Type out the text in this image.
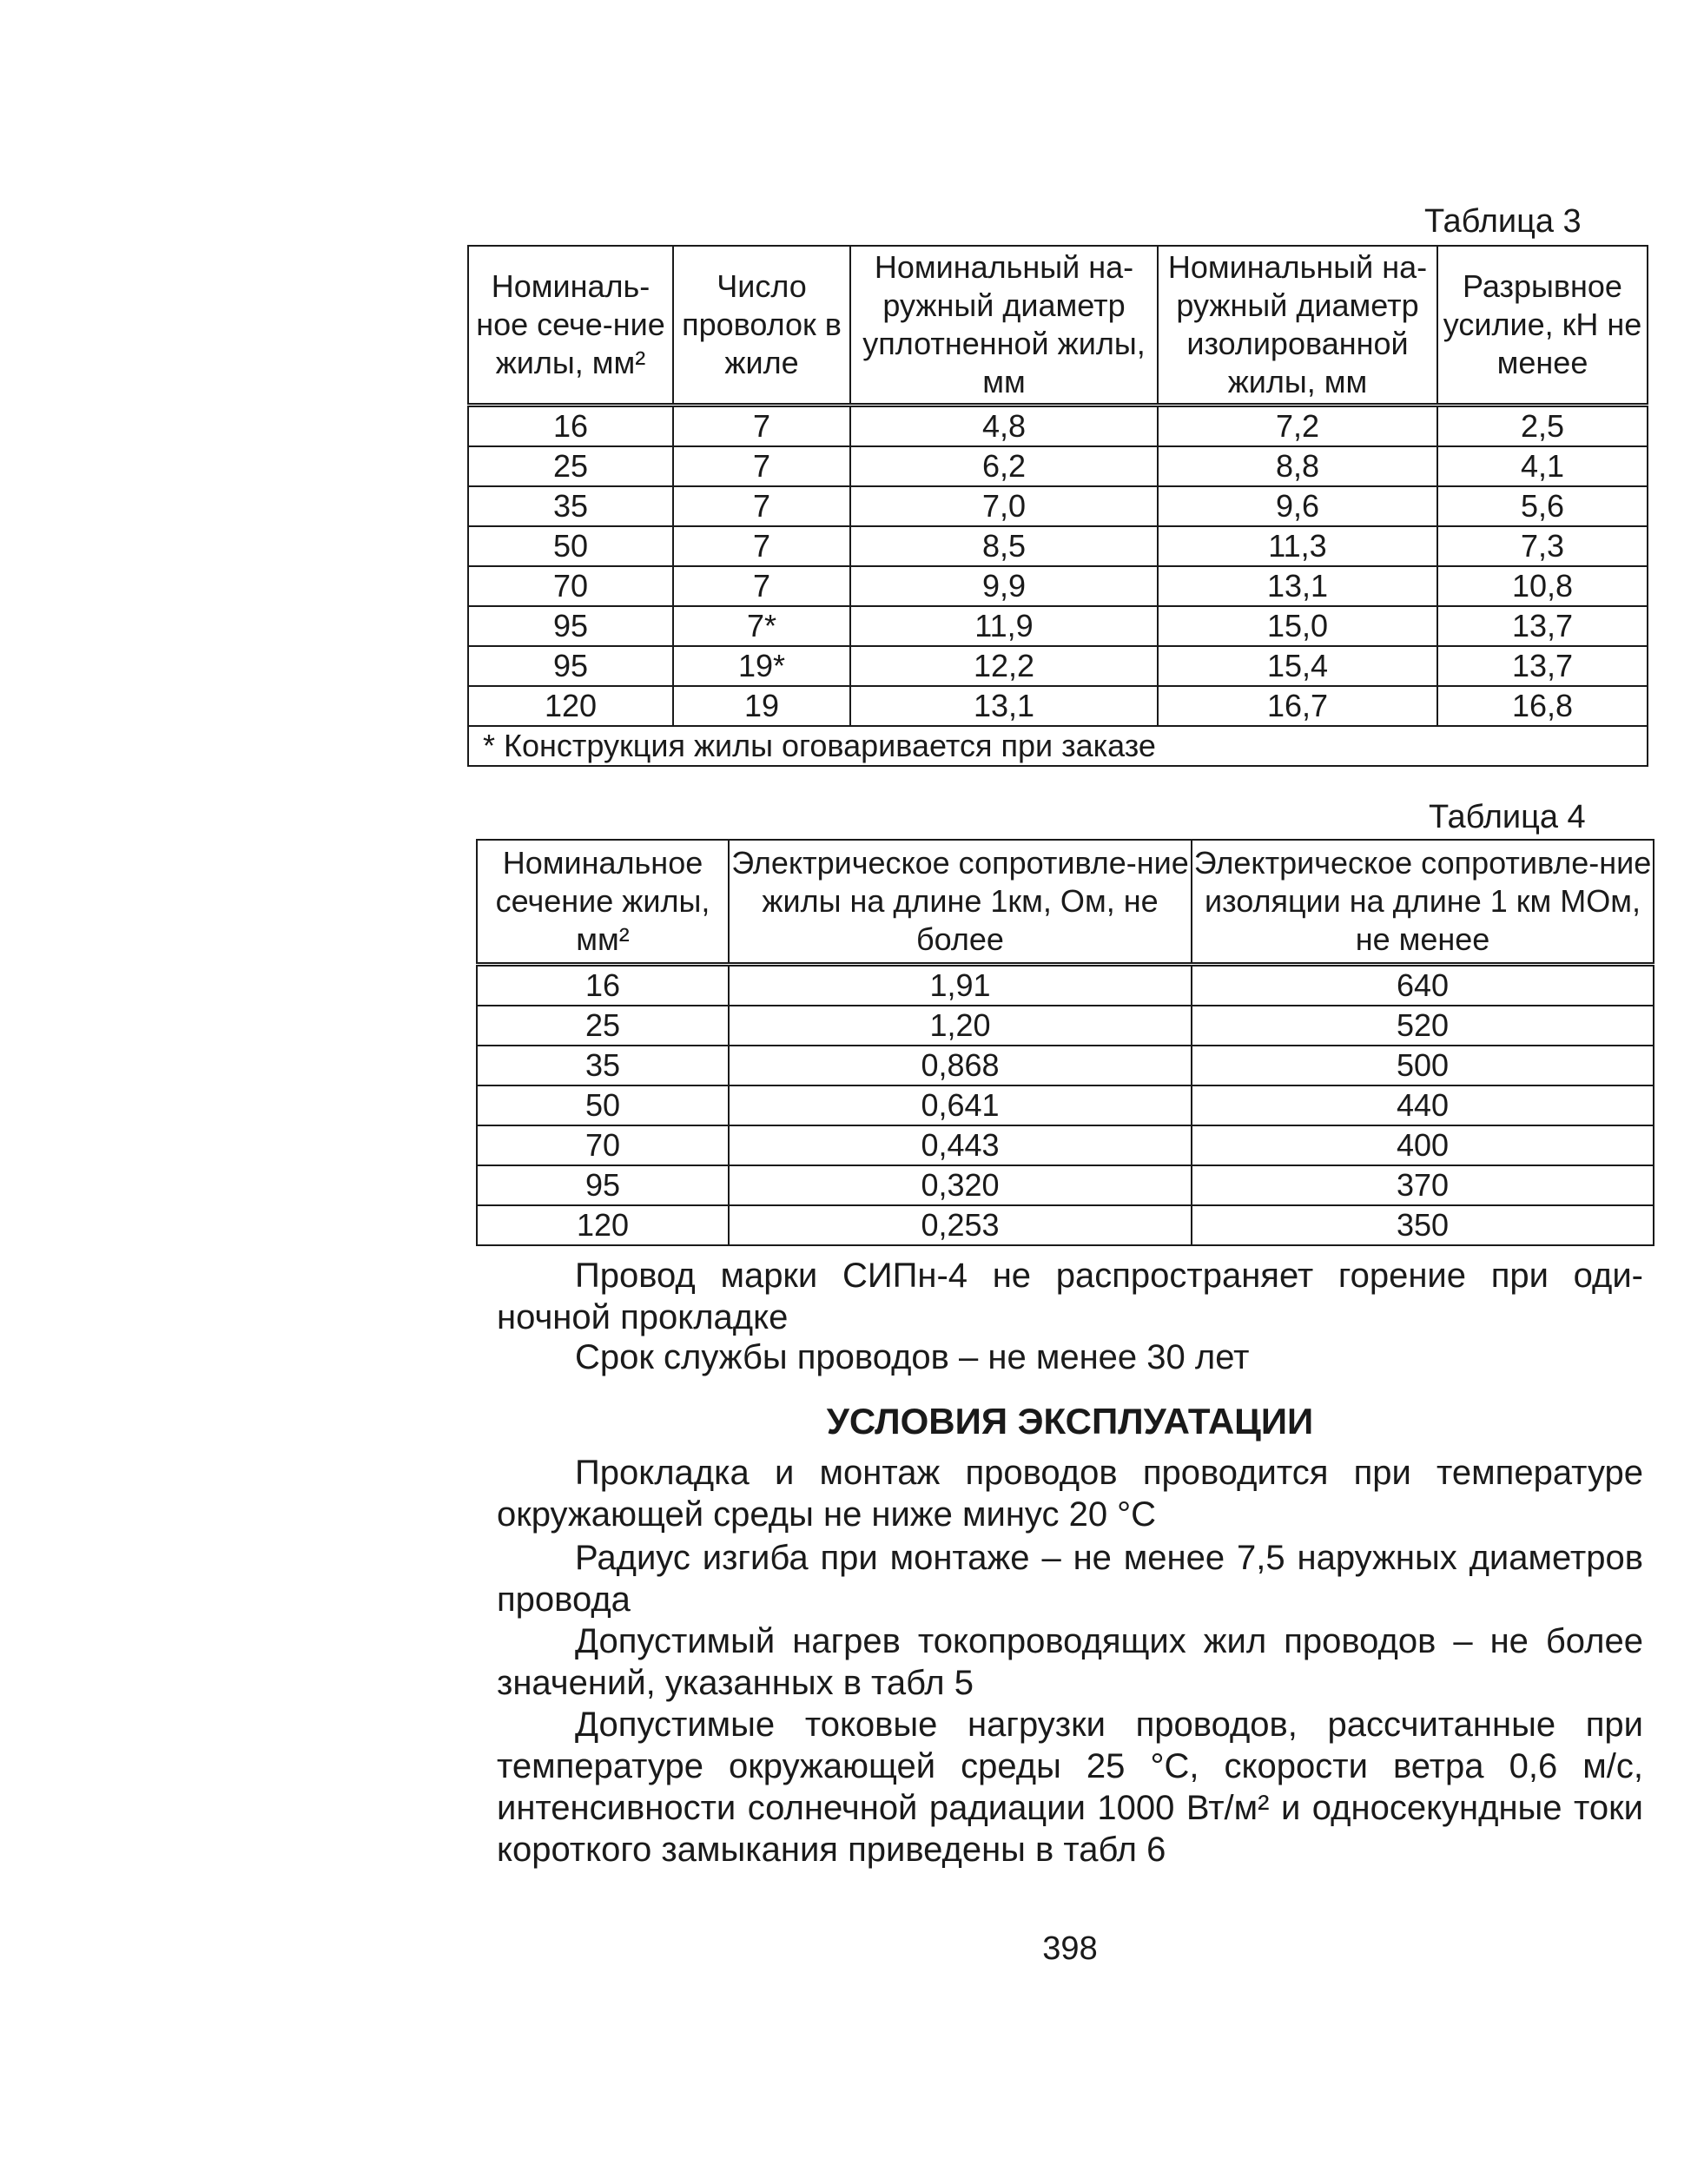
Таблица 3
Номиналь-ное сече-ние жилы, мм²	Число проволок в жиле	Номинальный на-ружный диаметр уплотненной жилы, мм	Номинальный на-ружный диаметр изолированной жилы, мм	Разрывное усилие, кН не менее
16	7	4,8	7,2	2,5
25	7	6,2	8,8	4,1
35	7	7,0	9,6	5,6
50	7	8,5	11,3	7,3
70	7	9,9	13,1	10,8
95	7*	11,9	15,0	13,7
95	19*	12,2	15,4	13,7
120	19	13,1	16,7	16,8
* Конструкция жилы оговаривается при заказе				
Таблица 4
Номинальное сечение жилы, мм²	Электрическое сопротивле-ние жилы на длине 1км, Ом, не более	Электрическое сопротивле-ние изоляции на длине 1 км МОм, не менее
16	1,91	640
25	1,20	520
35	0,868	500
50	0,641	440
70	0,443	400
95	0,320	370
120	0,253	350

Провод марки СИПн-4 не распространяет горение при оди-ночной прокладке

Срок службы проводов – не менее 30 лет

УСЛОВИЯ ЭКСПЛУАТАЦИИ

Прокладка и монтаж проводов проводится при температуре окружающей среды не ниже минус 20 °С

Радиус изгиба при монтаже – не менее 7,5 наружных диаметров провода

Допустимый нагрев токопроводящих жил проводов – не более значений, указанных в табл 5

Допустимые токовые нагрузки проводов, рассчитанные при температуре окружающей среды 25 °С, скорости ветра 0,6 м/с, интенсивности солнечной радиации 1000 Вт/м² и односекундные токи короткого замыкания приведены в табл 6

398
